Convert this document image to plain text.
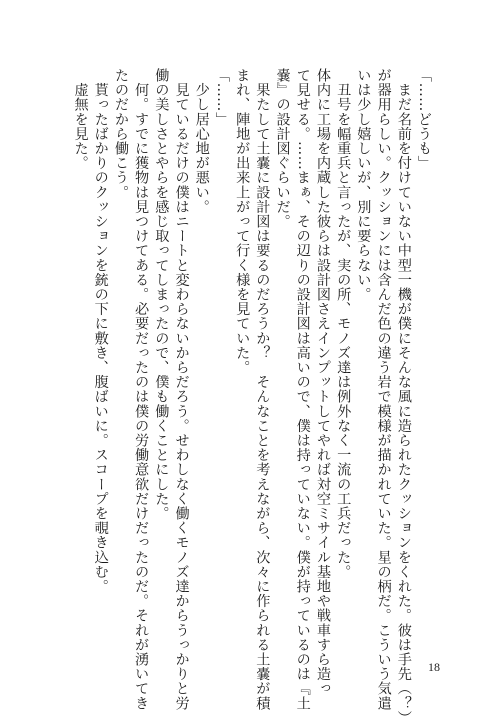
「……どうも」
　まだ名前を付けていない中型一機が僕にそんな風に造られたクッションをくれた。彼は手先（？）
が器用らしい。クッションには含んだ色の違う岩で模様が描かれていた。星の柄だ。こういう気遣
いは少し嬉しいが、別に要らない。
　丑号を幅重兵と言ったが、実の所、モノズ達は例外なく一流の工兵だった。
体内に工場を内蔵した彼らは設計図さえインプットしてやれば対空ミサイル基地や戦車すら造っ
て見せる。……まぁ、その辺りの設計図は高いので、僕は持っていない。僕が持っているのは『土
嚢』の設計図ぐらいだ。
　果たして土嚢に設計図は要るのだろうか？　そんなことを考えながら、次々に作られる土嚢が積
まれ、陣地が出来上がって行く様を見ていた。
「……」
　少し居心地が悪い。
　見ているだけの僕はニートと変わらないからだろう。せわしなく働くモノズ達からうっかりと労
働の美しさとやらを感じ取ってしまったので、僕も働くことにした。
　何。すでに獲物は見つけてある。必要だったのは僕の労働意欲だけだったのだ。それが湧いてき
たのだから働こう。
　貰ったばかりのクッションを銃の下に敷き、腹ばいに。スコープを覗き込む。
　虚無を見た。
18
